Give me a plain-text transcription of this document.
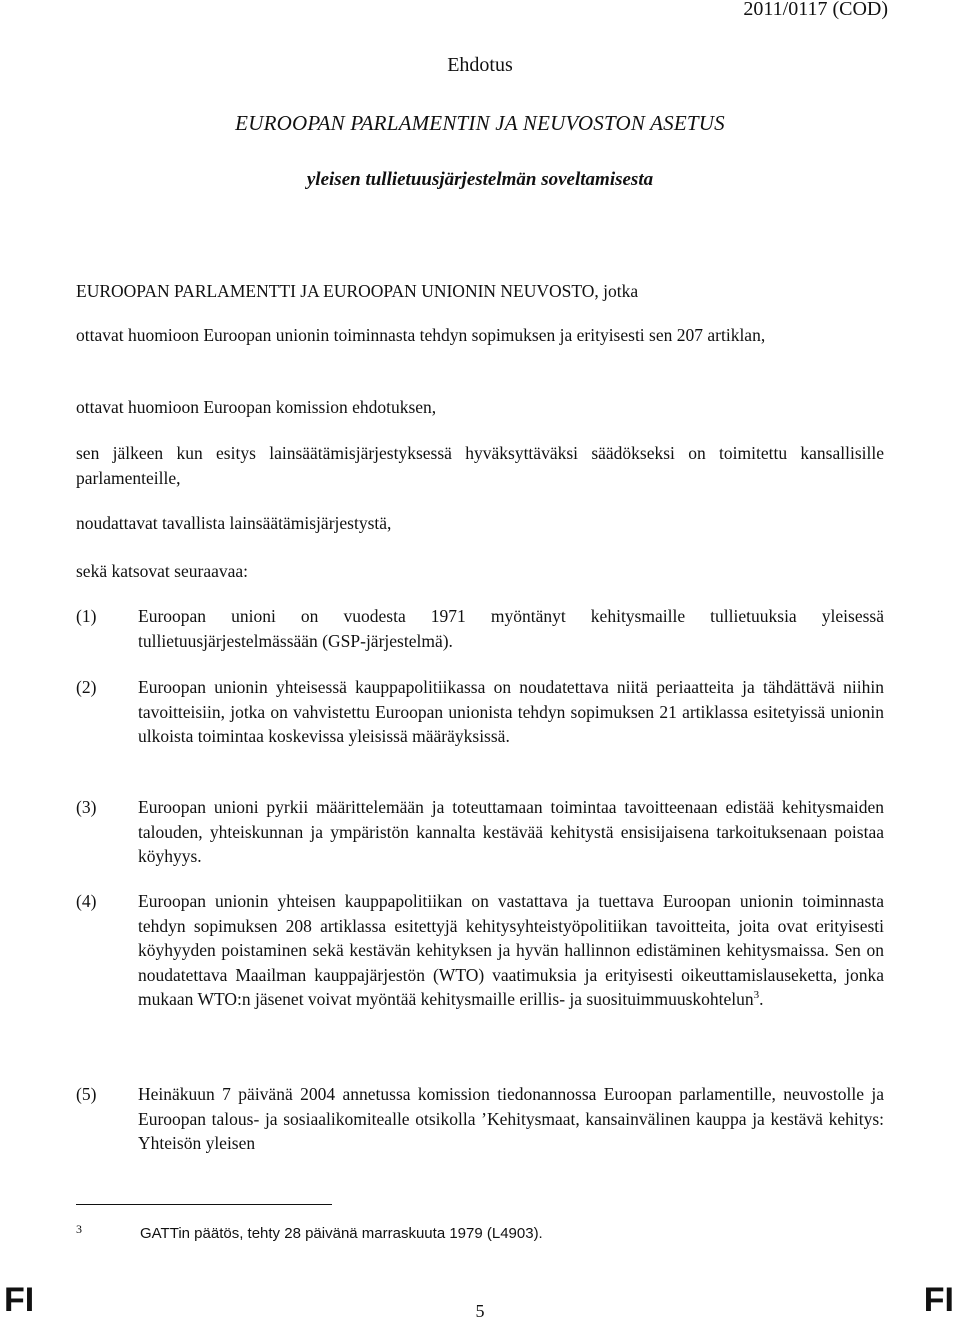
2011/0117 (COD)
Ehdotus
EUROOPAN PARLAMENTIN JA NEUVOSTON ASETUS
yleisen tullietuusjärjestelmän soveltamisesta
EUROOPAN PARLAMENTTI JA EUROOPAN UNIONIN NEUVOSTO, jotka
ottavat huomioon Euroopan unionin toiminnasta tehdyn sopimuksen ja erityisesti sen 207 artiklan,
ottavat huomioon Euroopan komission ehdotuksen,
sen jälkeen kun esitys lainsäätämisjärjestyksessä hyväksyttäväksi säädökseksi on toimitettu kansallisille parlamenteille,
noudattavat tavallista lainsäätämisjärjestystä,
sekä katsovat seuraavaa:
(1)	Euroopan unioni on vuodesta 1971 myöntänyt kehitysmaille tullietuuksia yleisessä tullietuusjärjestelmässään (GSP-järjestelmä).
(2)	Euroopan unionin yhteisessä kauppapolitiikassa on noudatettava niitä periaatteita ja tähdättävä niihin tavoitteisiin, jotka on vahvistettu Euroopan unionista tehdyn sopimuksen 21 artiklassa esitetyissä unionin ulkoista toimintaa koskevissa yleisissä määräyksissä.
(3)	Euroopan unioni pyrkii määrittelemään ja toteuttamaan toimintaa tavoitteenaan edistää kehitysmaiden talouden, yhteiskunnan ja ympäristön kannalta kestävää kehitystä ensisijaisena tarkoituksenaan poistaa köyhyys.
(4)	Euroopan unionin yhteisen kauppapolitiikan on vastattava ja tuettava Euroopan unionin toiminnasta tehdyn sopimuksen 208 artiklassa esitettyjä kehitysyhteistyöpolitiikan tavoitteita, joita ovat erityisesti köyhyyden poistaminen sekä kestävän kehityksen ja hyvän hallinnon edistäminen kehitysmaissa. Sen on noudatettava Maailman kauppajärjestön (WTO) vaatimuksia ja erityisesti oikeuttamislauseketta, jonka mukaan WTO:n jäsenet voivat myöntää kehitysmaille erillis- ja suosituimmuuskohtelun$^3$.
(5)	Heinäkuun 7 päivänä 2004 annetussa komission tiedonannossa Euroopan parlamentille, neuvostolle ja Euroopan talous- ja sosiaalikomitealle otsikolla ’Kehitysmaat, kansainvälinen kauppa ja kestävä kehitys: Yhteisön yleisen
3	GATTin päätös, tehty 28 päivänä marraskuuta 1979 (L4903).
FI	5	FI
